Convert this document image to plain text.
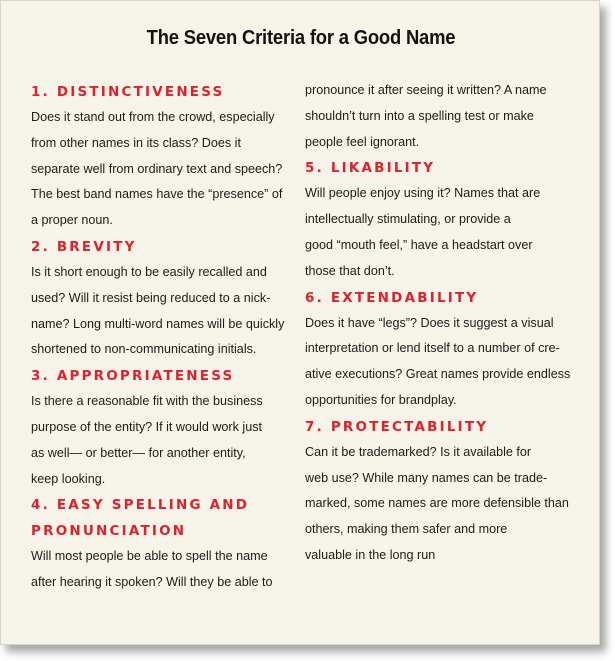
The Seven Criteria for a Good Name
1. DISTINCTIVENESS
Does it stand out from the crowd, especially
from other names in its class? Does it
separate well from ordinary text and speech?
The best band names have the “presence” of
a proper noun.
2. BREVITY
Is it short enough to be easily recalled and
used? Will it resist being reduced to a nick-
name? Long multi-word names will be quickly
shortened to non-communicating initials.
3. APPROPRIATENESS
Is there a reasonable fit with the business
purpose of the entity? If it would work just
as well— or better— for another entity,
keep looking.
4. EASY SPELLING AND
PRONUNCIATION
Will most people be able to spell the name
after hearing it spoken? Will they be able to
pronounce it after seeing it written? A name
shouldn’t turn into a spelling test or make
people feel ignorant.
5. LIKABILITY
Will people enjoy using it? Names that are
intellectually stimulating, or provide a
good “mouth feel,” have a headstart over
those that don’t.
6. EXTENDABILITY
Does it have “legs”? Does it suggest a visual
interpretation or lend itself to a number of cre-
ative executions? Great names provide endless
opportunities for brandplay.
7. PROTECTABILITY
Can it be trademarked? Is it available for
web use? While many names can be trade-
marked, some names are more defensible than
others, making them safer and more
valuable in the long run
